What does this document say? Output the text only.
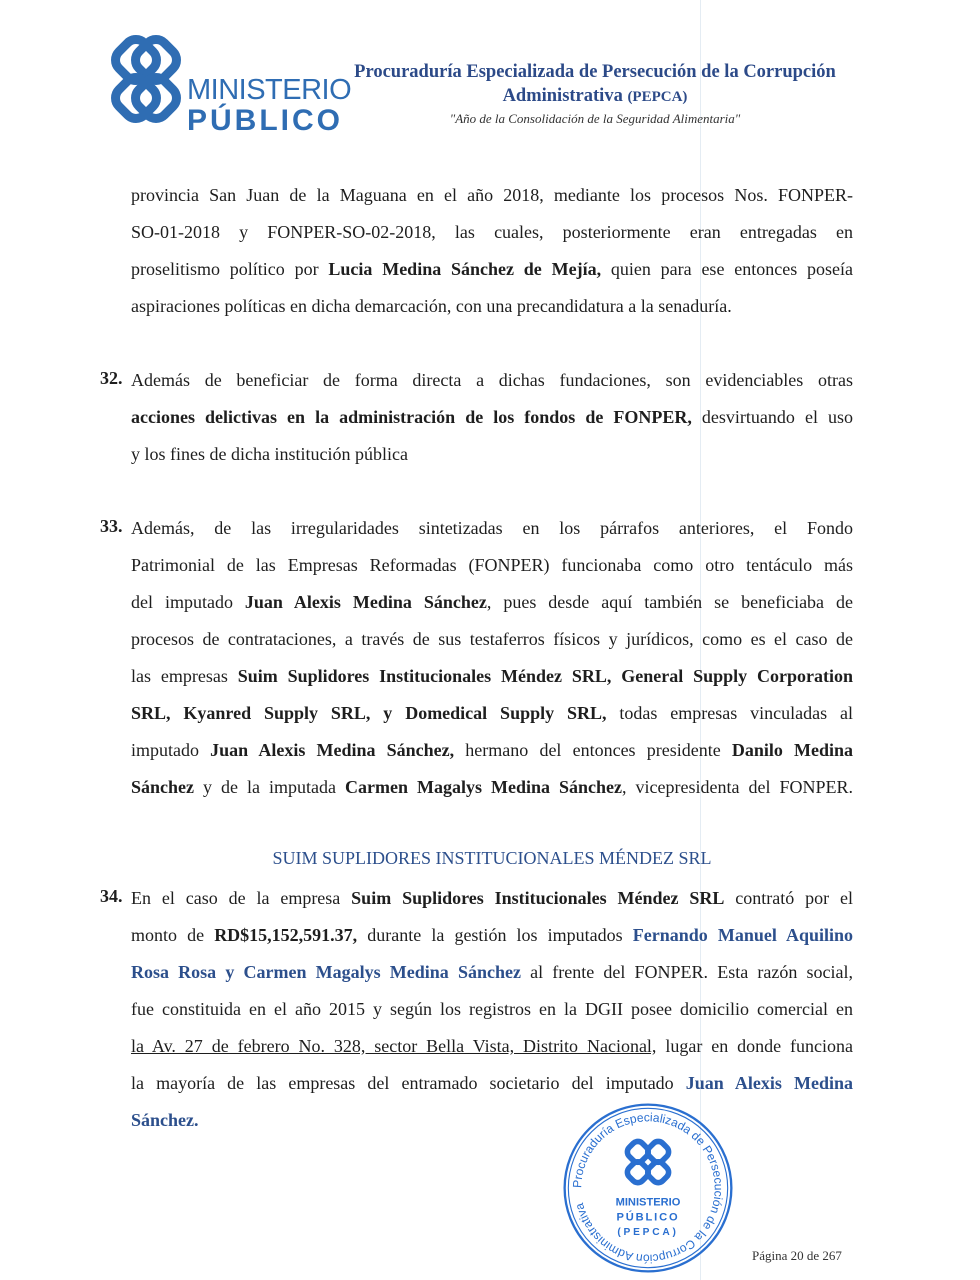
MINISTERIO
PÚBLICO
Procuraduría Especializada de Persecución de la Corrupción
Administrativa (PEPCA)
"Año de la Consolidación de la Seguridad Alimentaria"
provincia San Juan de la Maguana en el año 2018, mediante los procesos Nos. FONPER-
SO-01-2018 y FONPER-SO-02-2018, las cuales, posteriormente eran entregadas en
proselitismo político por Lucia Medina Sánchez de Mejía, quien para ese entonces poseía
aspiraciones políticas en dicha demarcación, con una precandidatura a la senaduría.
32. Además de beneficiar de forma directa a dichas fundaciones, son evidenciables otras
acciones delictivas en la administración de los fondos de FONPER, desvirtuando el uso
y los fines de dicha institución pública
33. Además, de las irregularidades sintetizadas en los párrafos anteriores, el Fondo
Patrimonial de las Empresas Reformadas (FONPER) funcionaba como otro tentáculo más
del imputado Juan Alexis Medina Sánchez, pues desde aquí también se beneficiaba de
procesos de contrataciones, a través de sus testaferros físicos y jurídicos, como es el caso de
las empresas Suim Suplidores Institucionales Méndez SRL, General Supply Corporation
SRL, Kyanred Supply SRL, y Domedical Supply SRL, todas empresas vinculadas al
imputado Juan Alexis Medina Sánchez, hermano del entonces presidente Danilo Medina
Sánchez y de la imputada Carmen Magalys Medina Sánchez, vicepresidenta del FONPER.
SUIM SUPLIDORES INSTITUCIONALES MÉNDEZ SRL
34. En el caso de la empresa Suim Suplidores Institucionales Méndez SRL contrató por el
monto de RD$15,152,591.37, durante la gestión los imputados Fernando Manuel Aquilino
Rosa Rosa y Carmen Magalys Medina Sánchez al frente del FONPER. Esta razón social,
fue constituida en el año 2015 y según los registros en la DGII posee domicilio comercial en
la Av. 27 de febrero No. 328, sector Bella Vista, Distrito Nacional, lugar en donde funciona
la mayoría de las empresas del entramado societario del imputado Juan Alexis Medina
Sánchez.
Procuraduría Especializada de Persecución de la Corrupción Administrativa	MINISTERIO
PÚBLICO
(PEPCA)
Página 20 de 267
